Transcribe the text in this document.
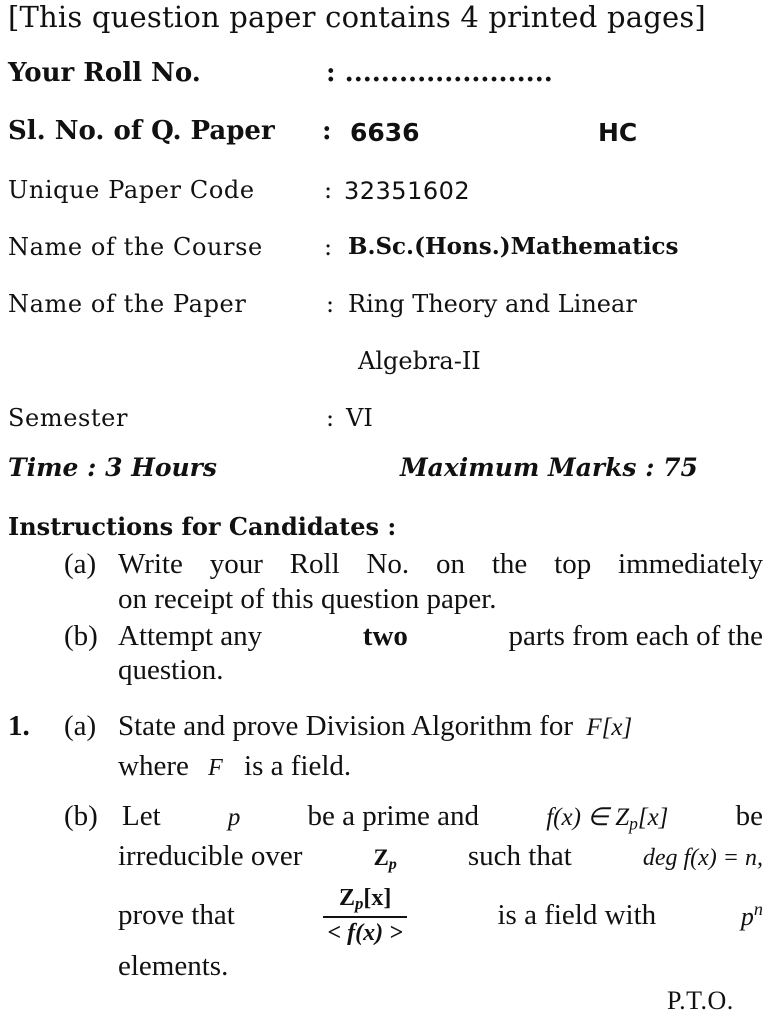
[This question paper contains 4 printed pages]
Your Roll No.	: .......................
Sl. No. of Q. Paper : 6636	HC
Unique Paper Code	: 32351602
Name of the Course	: B.Sc.(Hons.)Mathematics
Name of the Paper	: Ring Theory and Linear
Algebra-II
Semester	: VI
Time : 3 Hours	Maximum Marks : 75
Instructions for Candidates :
(a) Write your Roll No. on the top immediately
on receipt of this question paper.
(b) Attempt any	two	parts from each of the
question.
1. (a) State and prove Division Algorithm for F[x]
where F is a field.
(b) Let	p be a prime and	f(x) ∈ $Z_p[x]$ be
irreducible over	$Z_p$ such that	deg f(x) = n,
prove that	$\frac{Z_p[x]}{< f(x) >}$	is a field with	$p^n$
elements.
P.T.O.
